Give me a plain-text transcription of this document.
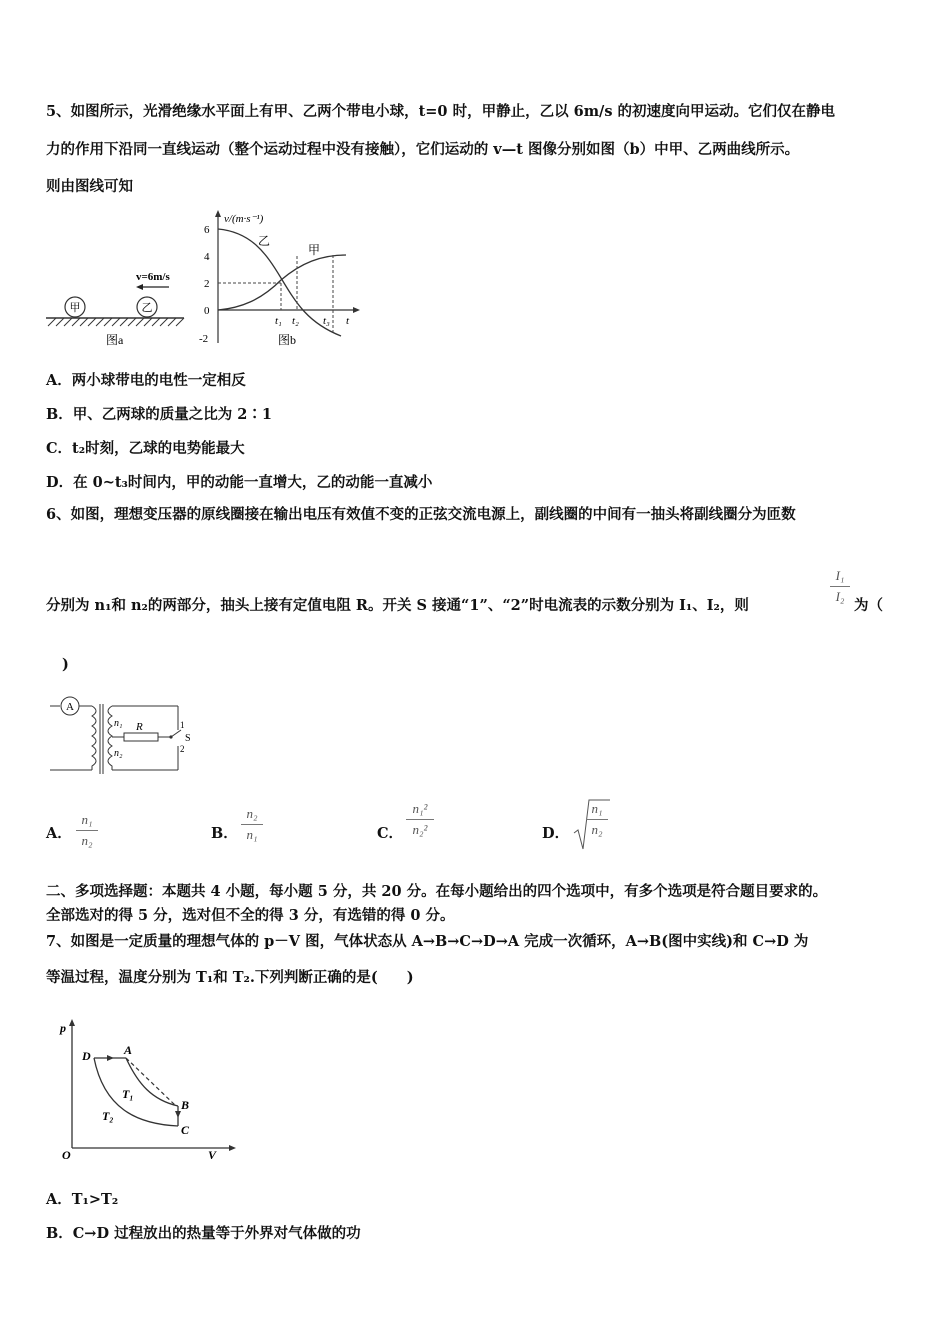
5、如图所示，光滑绝缘水平面上有甲、乙两个带电小球，t=0 时，甲静止，乙以 6m/s 的初速度向甲运动。它们仅在静电
力的作用下沿同一直线运动（整个运动过程中没有接触），它们运动的 v—t 图像分别如图（b）中甲、乙两曲线所示。
则由图线可知
甲	乙
v=6m/s
图a
v/(m·s⁻¹)
6
4
2
0
-2
乙
甲
t₁ t₂ t₃ t
图b
A．两小球带电的电性一定相反
B．甲、乙两球的质量之比为 2∶1
C．t₂时刻，乙球的电势能最大
D．在 0~t₃时间内，甲的动能一直增大，乙的动能一直减小
6、如图，理想变压器的原线圈接在输出电压有效值不变的正弦交流电源上，副线圈的中间有一抽头将副线圈分为匝数
分别为 n₁和 n₂的两部分，抽头上接有定值电阻 R。开关 S 接通“1”、“2”时电流表的示数分别为 I₁、I₂，则
I₁
I₂
为（
)
A
n₁
n₂
R
S
1
2
A．
n₁
n₂	B．
n₂
n₁	C．
n₁²
n₂²	D．
n₁
n₂
二、多项选择题：本题共 4 小题，每小题 5 分，共 20 分。在每小题给出的四个选项中，有多个选项是符合题目要求的。
全部选对的得 5 分，选对但不全的得 3 分，有选错的得 0 分。
7、如图是一定质量的理想气体的 p－V 图，气体状态从 A→B→C→D→A 完成一次循环，A→B(图中实线)和 C→D 为
等温过程，温度分别为 T₁和 T₂.下列判断正确的是(　　)
p
V
O
D	A
B
C
T₁
T₂
A．T₁>T₂
B．C→D 过程放出的热量等于外界对气体做的功
